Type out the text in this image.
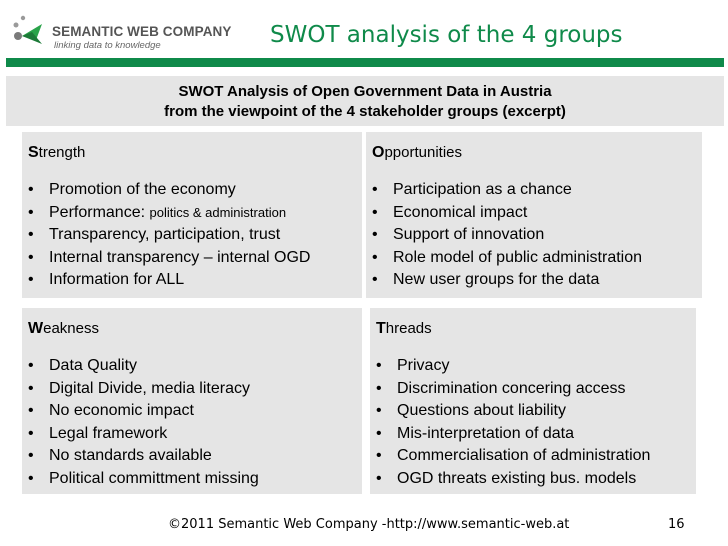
SEMANTIC WEB COMPANY
linking data to knowledge	SWOT analysis of the 4 groups
SWOT Analysis of Open Government Data in Austria
from the viewpoint of the 4 stakeholder groups (excerpt)
Strength
• Promotion of the economy
• Performance: politics & administration
• Transparency, participation, trust
• Internal transparency – internal OGD
• Information for ALL
Opportunities
• Participation as a chance
• Economical impact
• Support of innovation
• Role model of public administration
• New user groups for the data
Weakness
• Data Quality
• Digital Divide, media literacy
• No economic impact
• Legal framework
• No standards available
• Political committment missing
Threads
• Privacy
• Discrimination concering access
• Questions about liability
• Mis-interpretation of data
• Commercialisation of administration
• OGD threats existing bus. models
©2011 Semantic Web Company -http://www.semantic-web.at	16
